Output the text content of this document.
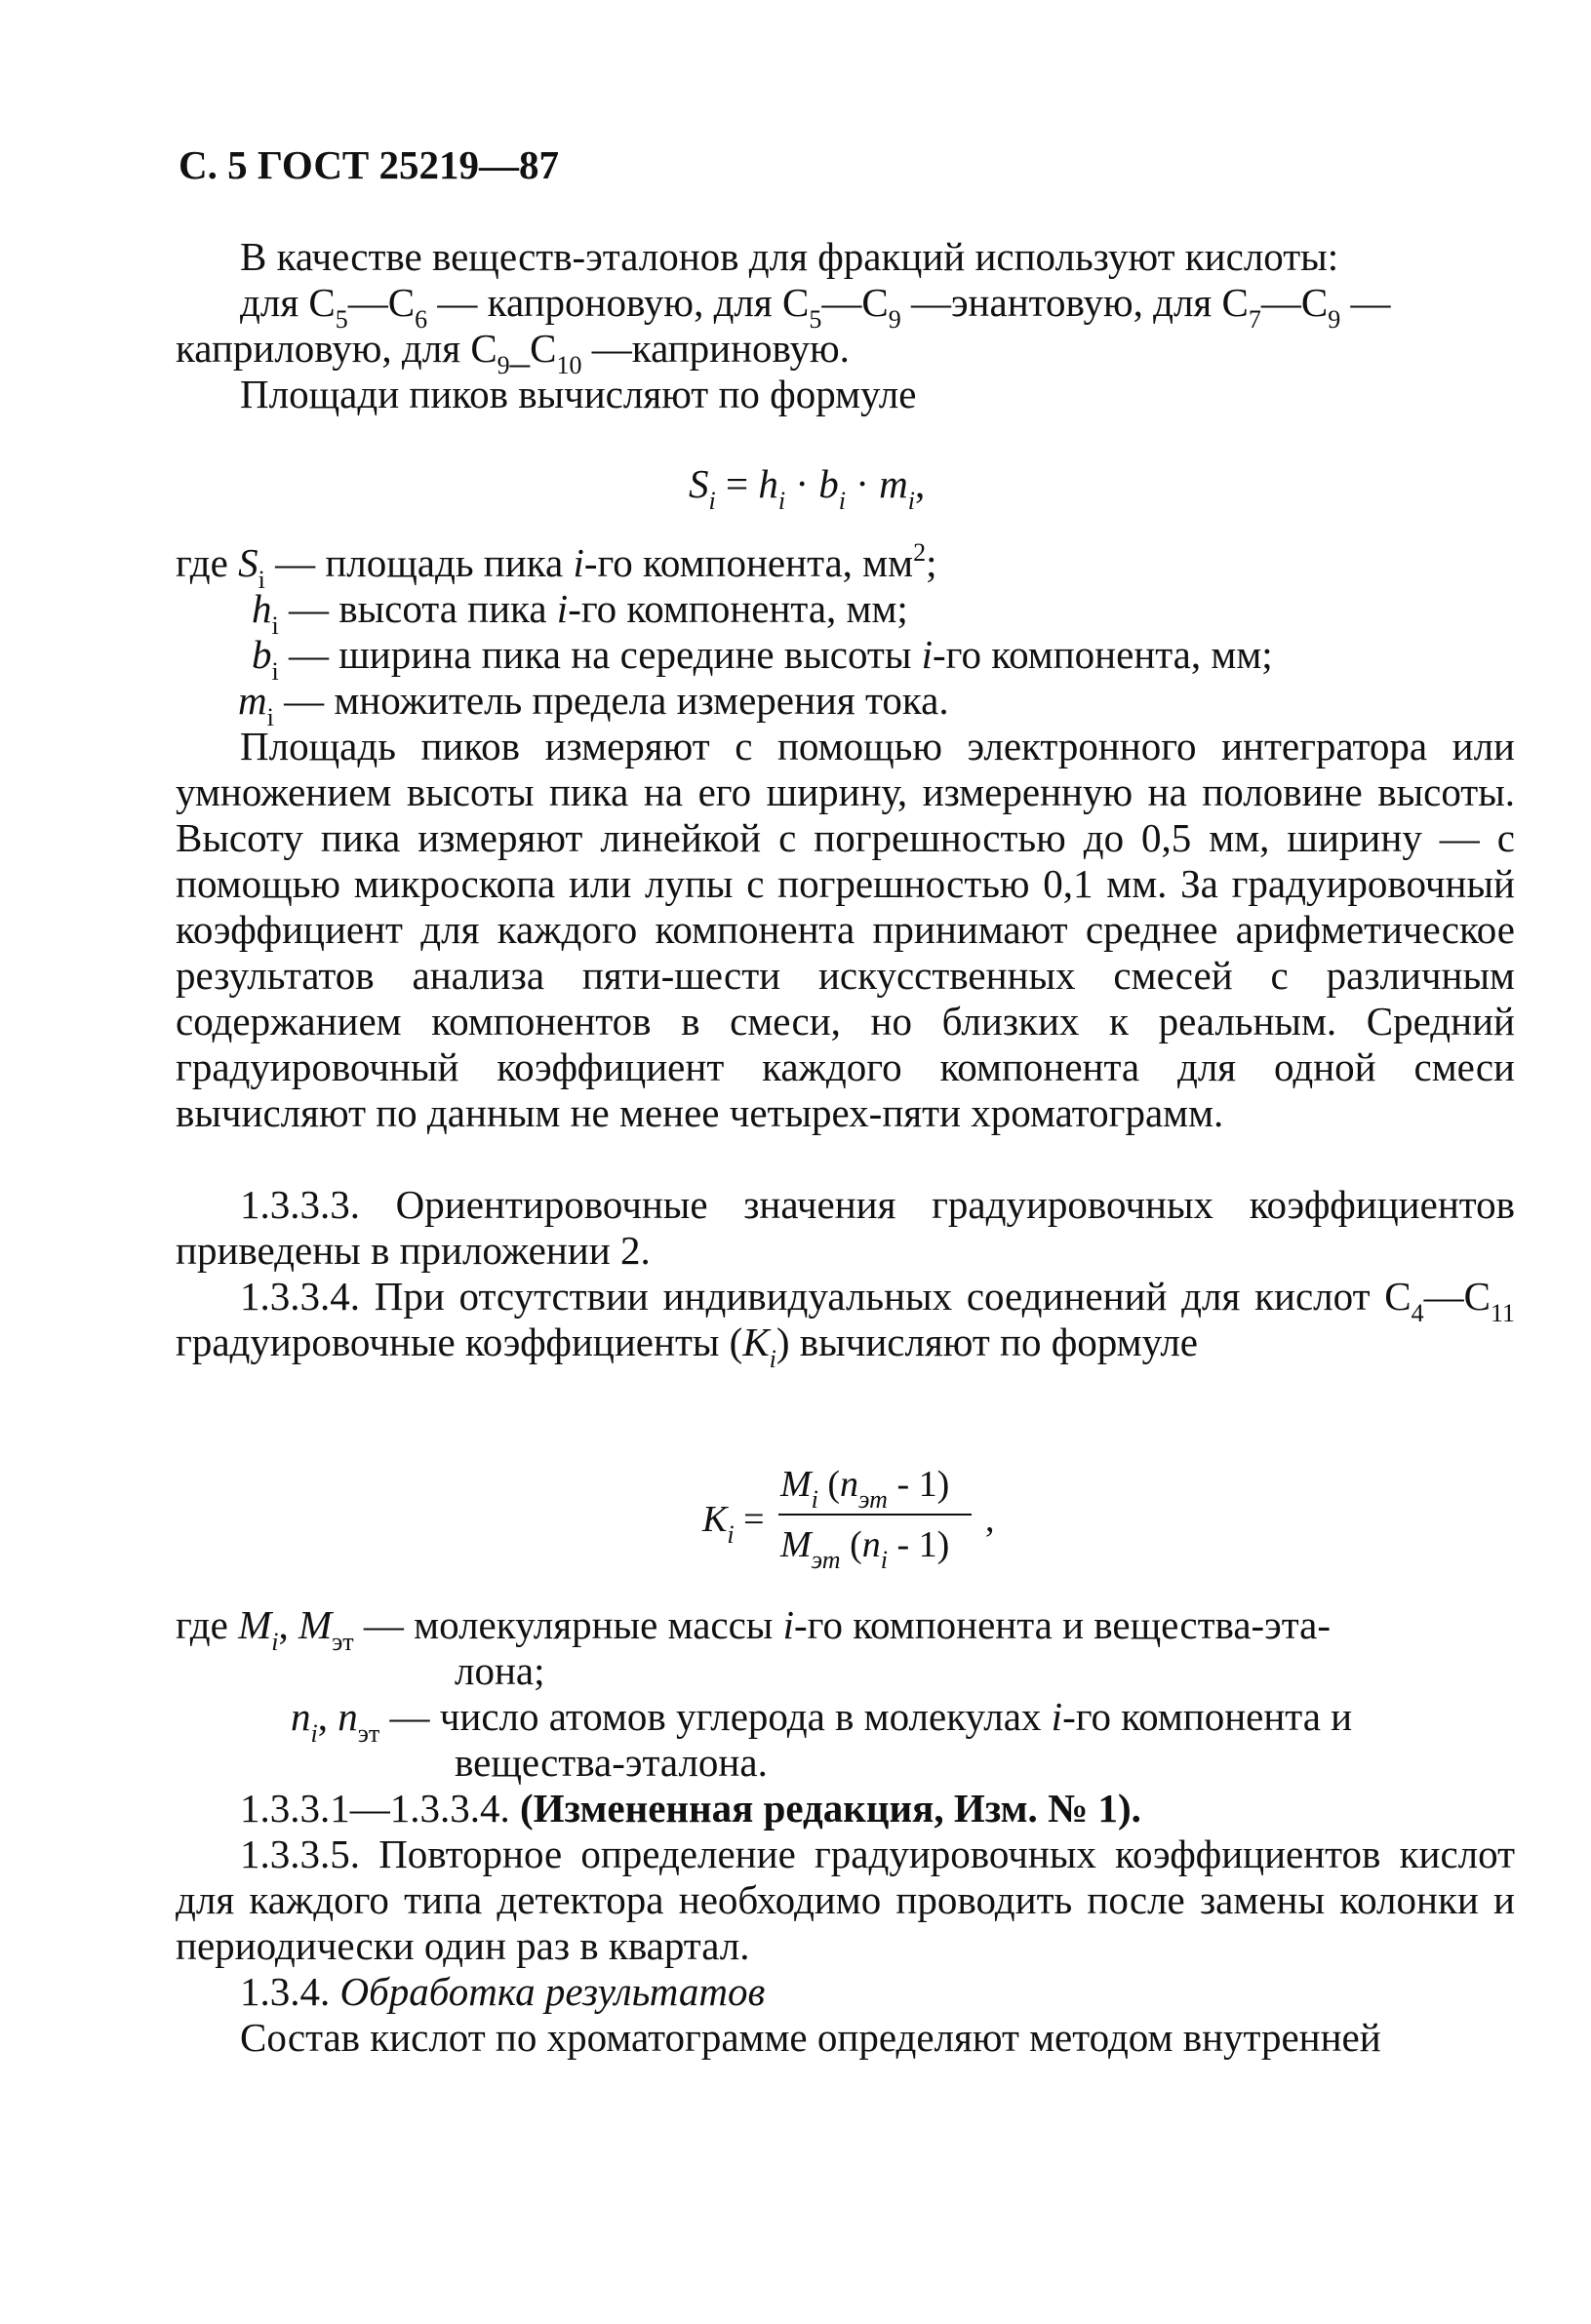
С. 5 ГОСТ 25219—87

В качестве веществ-эталонов для фракций используют кислоты:

для $С_5—С_6$ — капроновую, для $С_5—С_9$ —энантовую, для $С_7—С_9$ —

каприловую, для $С_9\_С_{10}$ —каприновую.

Площади пиков вычисляют по формуле

$S_i = h_i \cdot b_i \cdot m_i$,
где $S_i$ — площадь пика i-го компонента, $мм^2$;
$h_i$ — высота пика i-го компонента, мм;
$b_i$ — ширина пика на середине высоты i-го компонента, мм;
$m_i$ — множитель предела измерения тока.

Площадь пиков измеряют с помощью электронного интегратора или умножением высоты пика на его ширину, измеренную на половине высоты. Высоту пика измеряют линейкой с погрешностью до 0,5 мм, ширину — с помощью микроскопа или лупы с погрешностью 0,1 мм. За градуировочный коэффициент для каждого компонента принимают среднее арифметическое результатов анализа пяти-шести искусственных смесей с различным содержанием компонентов в смеси, но близких к реальным. Средний градуировочный коэффициент каждого компонента для одной смеси вычисляют по данным не менее четырех-пяти хроматограмм.

1.3.3.3. Ориентировочные значения градуировочных коэффициентов приведены в приложении 2.

1.3.3.4. При отсутствии индивидуальных соединений для кислот $С_4—С_{11}$ градуировочные коэффициенты $(K_i)$ вычисляют по формуле

$K_i$ =
$M_i$ $(n_{эт} - 1)$
$M_{эт}$ $(n_i - 1)$
,
где $M_i$, $M_{эт}$ — молекулярные массы i-го компонента и вещества-эта-
лона;
$n_i$, $n_{эт}$ — число атомов углерода в молекулах i-го компонента и
вещества-эталона.

1.3.3.1—1.3.3.4. (Измененная редакция, Изм. № 1).

1.3.3.5. Повторное определение градуировочных коэффициентов кислот для каждого типа детектора необходимо проводить после замены колонки и периодически один раз в квартал.

1.3.4. Обработка результатов

Состав кислот по хроматограмме определяют методом внутренней
